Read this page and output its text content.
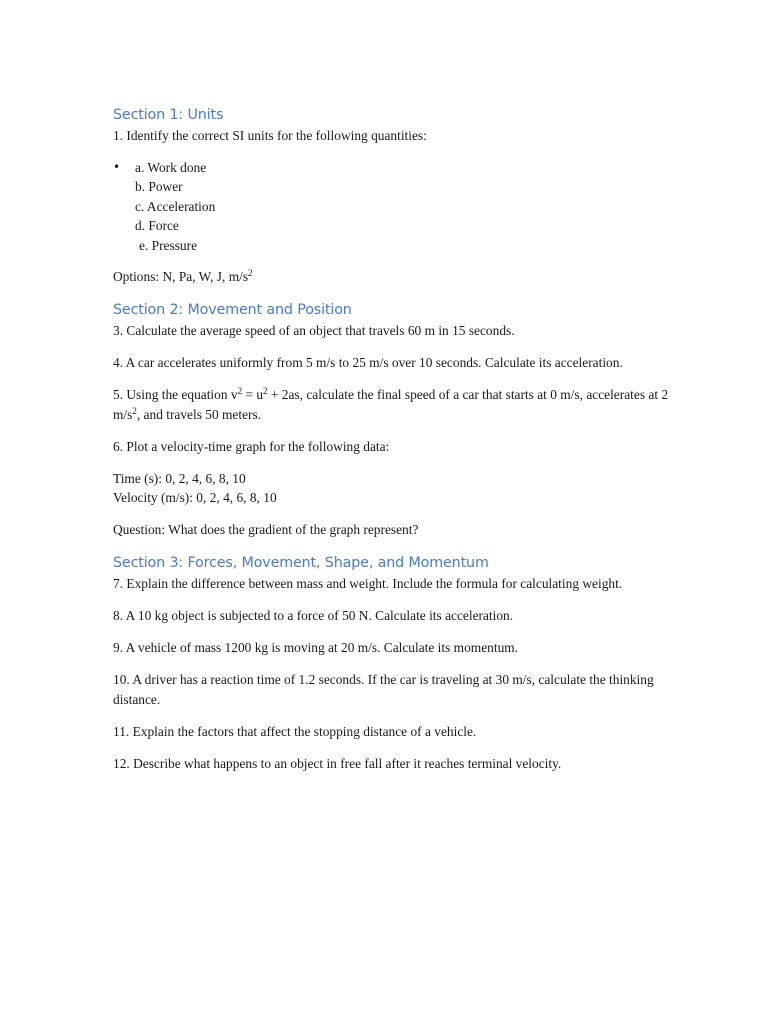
Section 1: Units

1. Identify the correct SI units for the following quantities:

•	a. Work done
b. Power
c. Acceleration
d. Force
e. Pressure

Options: N, Pa, W, J, $m/s^2$

Section 2: Movement and Position

3. Calculate the average speed of an object that travels 60 m in 15 seconds.

4. A car accelerates uniformly from 5 m/s to 25 m/s over 10 seconds. Calculate its acceleration.

5. Using the equation $v^2 = u^2 + 2as$, calculate the final speed of a car that starts at 0 m/s, accelerates at 2 $m/s^2$, and travels 50 meters.

6. Plot a velocity-time graph for the following data:

Time (s): 0, 2, 4, 6, 8, 10

Velocity (m/s): 0, 2, 4, 6, 8, 10

Question: What does the gradient of the graph represent?

Section 3: Forces, Movement, Shape, and Momentum

7. Explain the difference between mass and weight. Include the formula for calculating weight.

8. A 10 kg object is subjected to a force of 50 N. Calculate its acceleration.

9. A vehicle of mass 1200 kg is moving at 20 m/s. Calculate its momentum.

10. A driver has a reaction time of 1.2 seconds. If the car is traveling at 30 m/s, calculate the thinking distance.

11. Explain the factors that affect the stopping distance of a vehicle.

12. Describe what happens to an object in free fall after it reaches terminal velocity.
